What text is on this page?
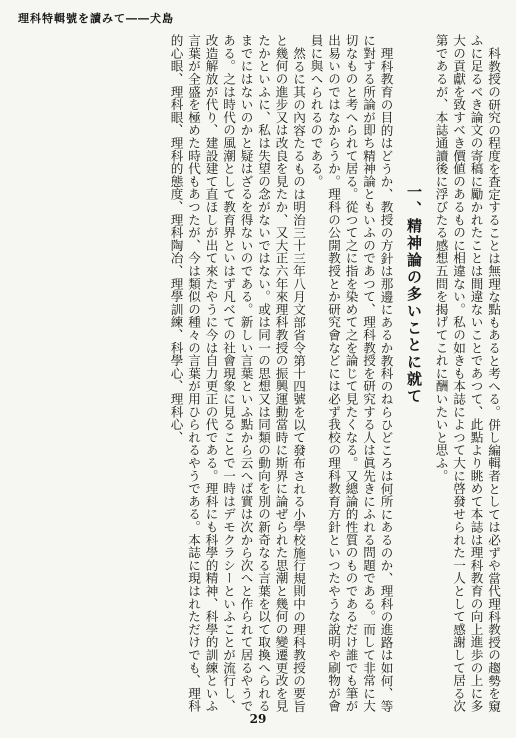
理科特輯號を讀みて――犬島

科教授の研究の程度を査定することは無理な點もあると考へる。併し編輯者としては必ずや當代理科教授の趨勢を窺ふに足るべき論文の寄稿に勵かれたことは間違ないことであつて、此點より眺めて本誌は理科教育の向上進歩の上に多大の貢獻を致すべき價値のあるものに相違ない。私の如きも本誌によつて大に啓發せられた一人として感謝して居る次第であるが、本誌通讀後に浮びたる感想五問を揭げてこれに酬いたいと思ふ。

一、精神論の多いことに就て

理科教育の目的はどうか、教授の方針は那邊にあるか教科のねらひどころは何所にあるのか、理科の進路は如何、等に對する所論が即ち精神論ともいふのであつて、理科教授を研究する人は眞先きにふれる問題である。而して非常に大切なものと考へられて居る。從つて之に指を染めて之を論じて見たくなる。又總論的性質のものであるだけ誰でも筆が出易いのではなからうか。理科の公開教授とか研究會などには必ず我校の理科教育方針といつたやうな說明や刷物が會員に與へられるのである。

然るに其の內容たるものは明治三十三年八月文部省令第十四號を以て發布される小學校施行規則中の理科教授の要旨と幾何の進步又は改良を見たか、又大正六年來理科教授の振興運動當時に斯界に論ぜられた思潮と幾何の變遷更改を見たかといふに、私は失望の念がないではない。或は同一の思想又は同類の動向を別の新奇なる言葉を以て取換へられるまでにはないのかと疑はざるを得ないのである。新しい言葉といふ點から云へば實は次から次へと作られて居るやうである。之は時代の風潮として教育界といはず凡べての社會現象に見ることで一時はデモクラシーといふことが流行し、改造解放が代り、建設建て直ほしが出て來たやうに今は自力更正の代である。理科にも科學的精神、科學的訓練といふ言葉が全盛を極めた時代もあつたが、今は類似の種々の言葉が用ひられるやうである。本誌に現はれただけでも、理科的心眼、理科眼、理科的態度、理科陶冶、理學訓練、科學心、理科心、

29
